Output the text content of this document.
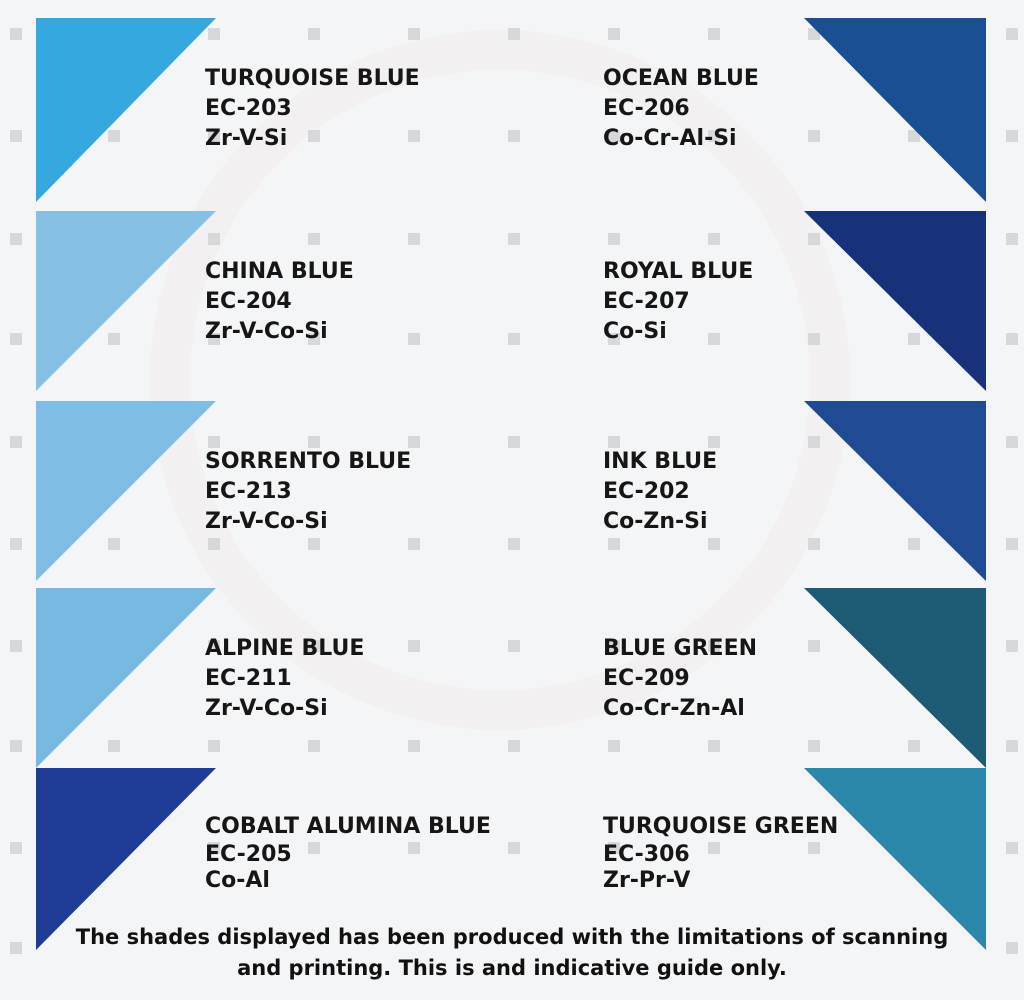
TURQUOISE BLUE
EC-203
Zr-V-Si
OCEAN BLUE
EC-206
Co-Cr-Al-Si
CHINA BLUE
EC-204
Zr-V-Co-Si
ROYAL BLUE
EC-207
Co-Si
SORRENTO BLUE
EC-213
Zr-V-Co-Si
INK BLUE
EC-202
Co-Zn-Si
ALPINE BLUE
EC-211
Zr-V-Co-Si
BLUE GREEN
EC-209
Co-Cr-Zn-Al
COBALT ALUMINA BLUE
EC-205
Co-Al
TURQUOISE GREEN
EC-306
Zr-Pr-V
The shades displayed has been produced with the limitations of scanning
and printing. This is and indicative guide only.
